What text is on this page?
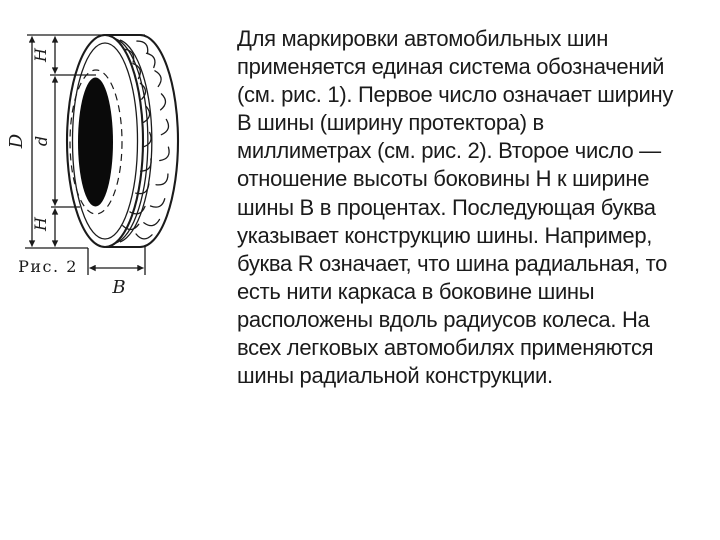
D
H
d
H
B
Рис. 2
Для маркировки автомобильных шин
применяется единая система обозначений
(см. рис. 1). Первое число означает ширину
В шины (ширину протектора) в
миллиметрах (см. рис. 2). Второе число —
отношение высоты боковины Н к ширине
шины В в процентах. Последующая буква
указывает конструкцию шины. Например,
буква R означает, что шина радиальная, то
есть нити каркаса в боковине шины
расположены вдоль радиусов колеса. На
всех легковых автомобилях применяются
шины радиальной конструкции.
